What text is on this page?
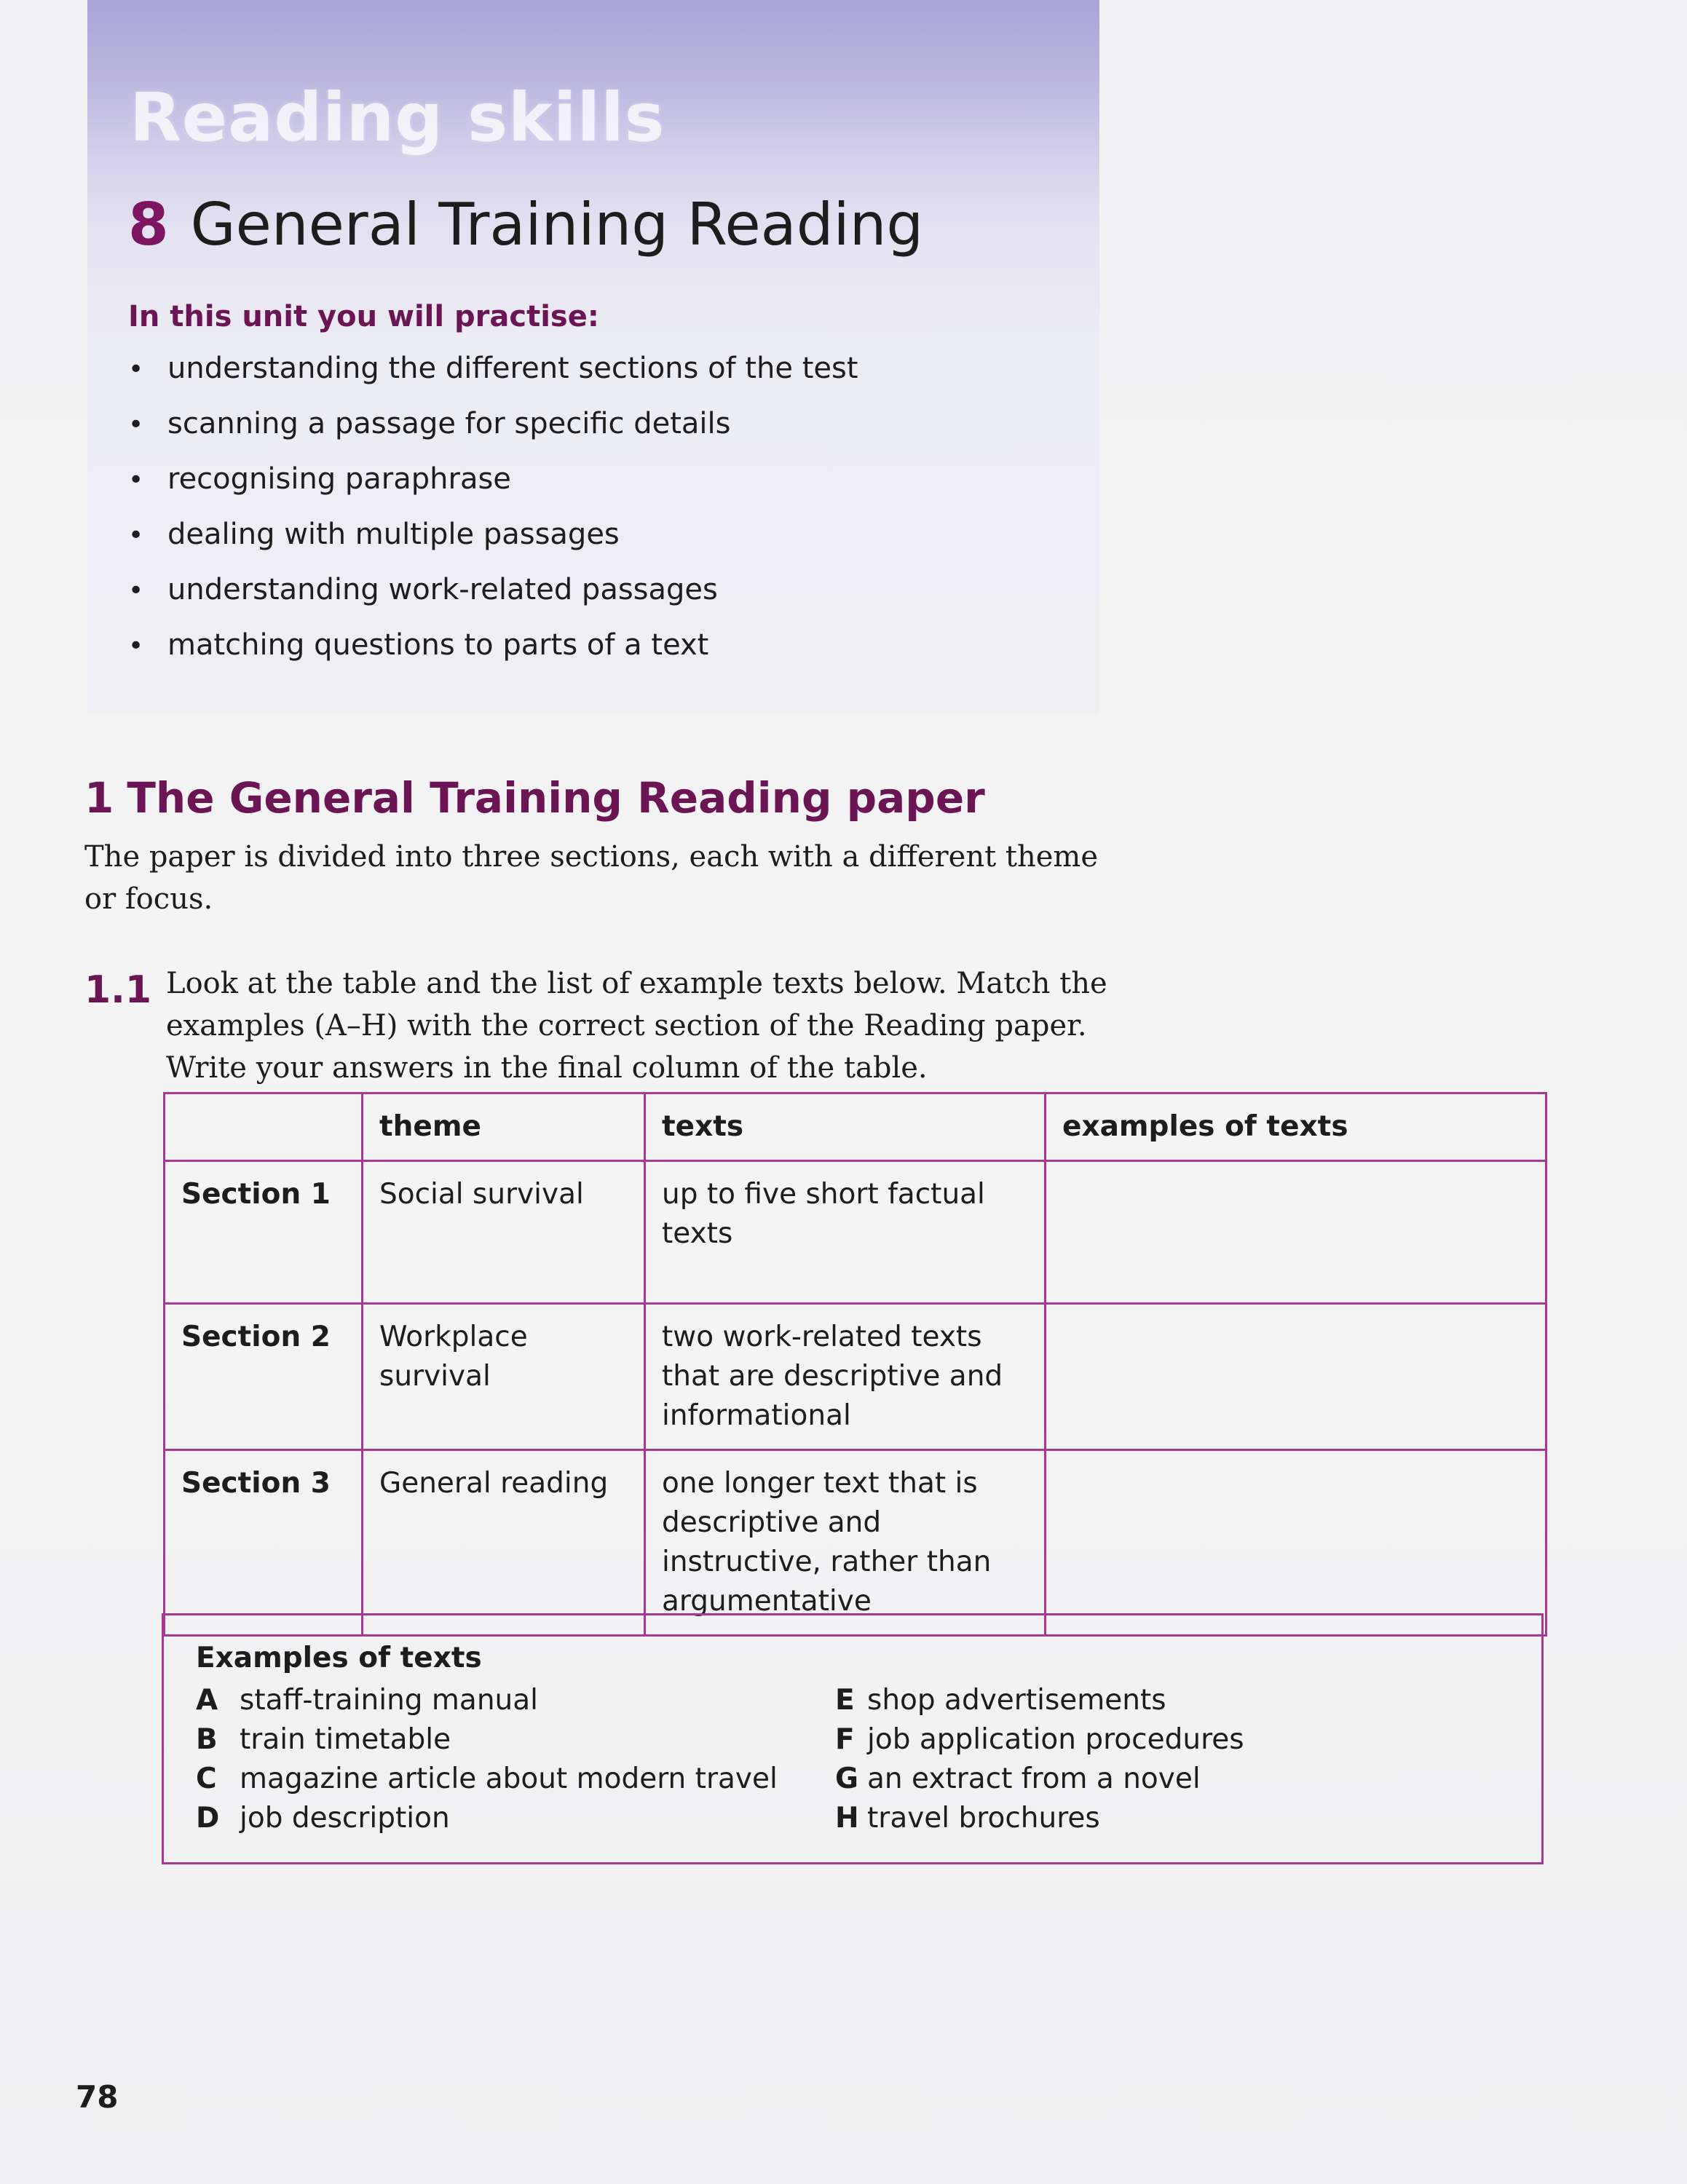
Reading skills
8 General Training Reading
In this unit you will practise:
• understanding the different sections of the test
• scanning a passage for specific details
• recognising paraphrase
• dealing with multiple passages
• understanding work-related passages
• matching questions to parts of a text
1 The General Training Reading paper
The paper is divided into three sections, each with a different theme or focus.
1.1 Look at the table and the list of example texts below. Match the examples (A–H) with the correct section of the Reading paper. Write your answers in the final column of the table.
	theme	texts	examples of texts
Section 1	Social survival	up to five short factual texts	
Section 2	Workplace survival	two work-related texts that are descriptive and informational	
Section 3	General reading	one longer text that is descriptive and instructive, rather than argumentative	
Examples of texts
A staff-training manual
B train timetable
C magazine article about modern travel
D job description
E shop advertisements
F job application procedures
G an extract from a novel
H travel brochures
78
